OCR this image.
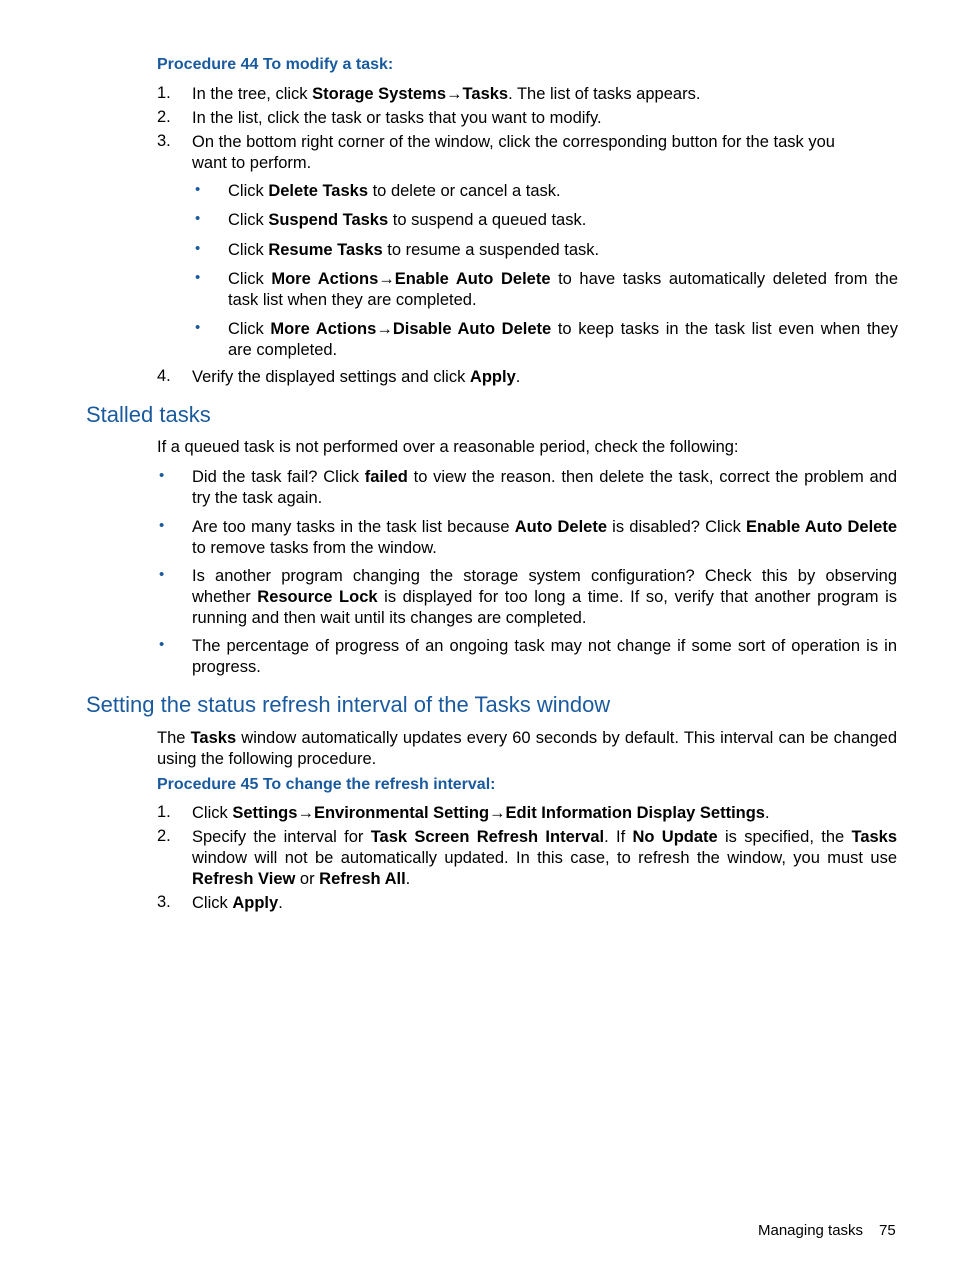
Procedure 44 To modify a task:
1. In the tree, click Storage Systems→Tasks. The list of tasks appears.
2. In the list, click the task or tasks that you want to modify.
3. On the bottom right corner of the window, click the corresponding button for the task you want to perform.
• Click Delete Tasks to delete or cancel a task.
• Click Suspend Tasks to suspend a queued task.
• Click Resume Tasks to resume a suspended task.
• Click More Actions→Enable Auto Delete to have tasks automatically deleted from the task list when they are completed.
• Click More Actions→Disable Auto Delete to keep tasks in the task list even when they are completed.
4. Verify the displayed settings and click Apply.
Stalled tasks
If a queued task is not performed over a reasonable period, check the following:
• Did the task fail? Click failed to view the reason. then delete the task, correct the problem and try the task again.
• Are too many tasks in the task list because Auto Delete is disabled? Click Enable Auto Delete to remove tasks from the window.
• Is another program changing the storage system configuration? Check this by observing whether Resource Lock is displayed for too long a time. If so, verify that another program is running and then wait until its changes are completed.
• The percentage of progress of an ongoing task may not change if some sort of operation is in progress.
Setting the status refresh interval of the Tasks window
The Tasks window automatically updates every 60 seconds by default. This interval can be changed using the following procedure.
Procedure 45 To change the refresh interval:
1. Click Settings→Environmental Setting→Edit Information Display Settings.
2. Specify the interval for Task Screen Refresh Interval. If No Update is specified, the Tasks window will not be automatically updated. In this case, to refresh the window, you must use Refresh View or Refresh All.
3. Click Apply.
Managing tasks 75
